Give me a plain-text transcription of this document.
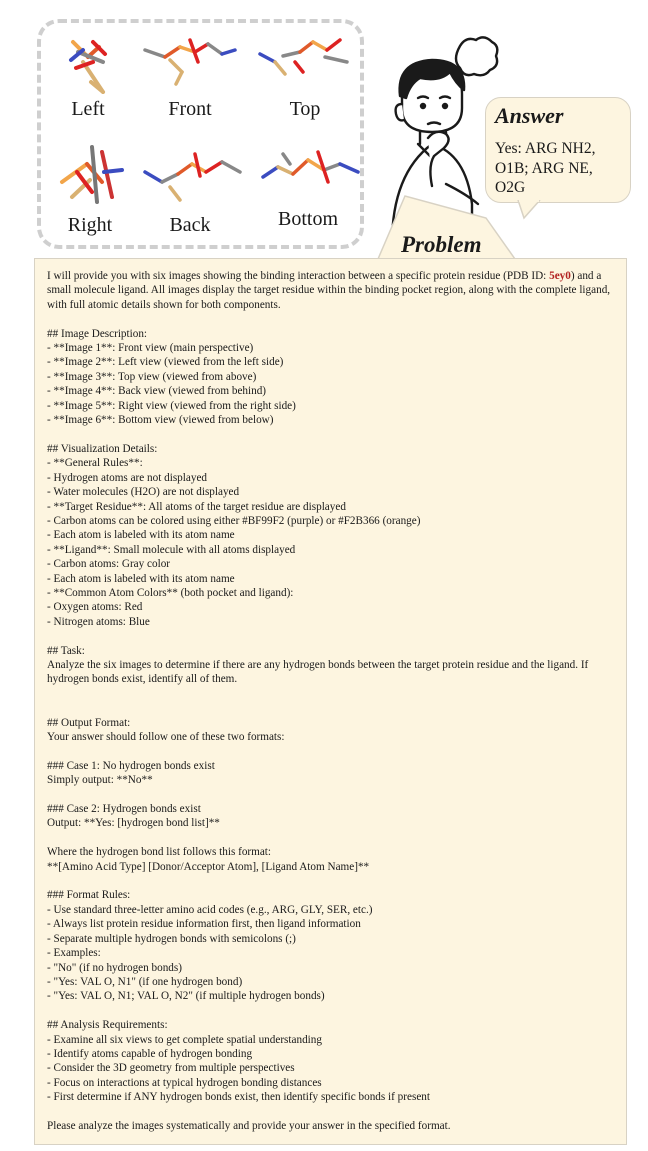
Left	Front	Top
Right	Back	Bottom
Answer
Yes: ARG NH2, O1B; ARG NE, O2G
Problem
I will provide you with six images showing the binding interaction between a specific protein residue (PDB ID: 5ey0) and a small molecule ligand. All images display the target residue within the binding pocket region, along with the complete ligand, with full atomic details shown for both components.

## Image Description:
- **Image 1**: Front view (main perspective)
- **Image 2**: Left view (viewed from the left side)
- **Image 3**: Top view (viewed from above)
- **Image 4**: Back view (viewed from behind)
- **Image 5**: Right view (viewed from the right side)
- **Image 6**: Bottom view (viewed from below)

## Visualization Details:
- **General Rules**:
- Hydrogen atoms are not displayed
- Water molecules (H2O) are not displayed
- **Target Residue**: All atoms of the target residue are displayed
- Carbon atoms can be colored using either #BF99F2 (purple) or #F2B366 (orange)
- Each atom is labeled with its atom name
- **Ligand**: Small molecule with all atoms displayed
- Carbon atoms: Gray color
- Each atom is labeled with its atom name
- **Common Atom Colors** (both pocket and ligand):
- Oxygen atoms: Red
- Nitrogen atoms: Blue

## Task:
Analyze the six images to determine if there are any hydrogen bonds between the target protein residue and the ligand. If hydrogen bonds exist, identify all of them.

## Output Format:
Your answer should follow one of these two formats:

### Case 1: No hydrogen bonds exist
Simply output: **No**

### Case 2: Hydrogen bonds exist
Output: **Yes: [hydrogen bond list]**

Where the hydrogen bond list follows this format:
**[Amino Acid Type] [Donor/Acceptor Atom], [Ligand Atom Name]**

### Format Rules:
- Use standard three-letter amino acid codes (e.g., ARG, GLY, SER, etc.)
- Always list protein residue information first, then ligand information
- Separate multiple hydrogen bonds with semicolons (;)
- Examples:
- "No" (if no hydrogen bonds)
- "Yes: VAL O, N1" (if one hydrogen bond)
- "Yes: VAL O, N1; VAL O, N2" (if multiple hydrogen bonds)

## Analysis Requirements:
- Examine all six views to get complete spatial understanding
- Identify atoms capable of hydrogen bonding
- Consider the 3D geometry from multiple perspectives
- Focus on interactions at typical hydrogen bonding distances
- First determine if ANY hydrogen bonds exist, then identify specific bonds if present

Please analyze the images systematically and provide your answer in the specified format.
